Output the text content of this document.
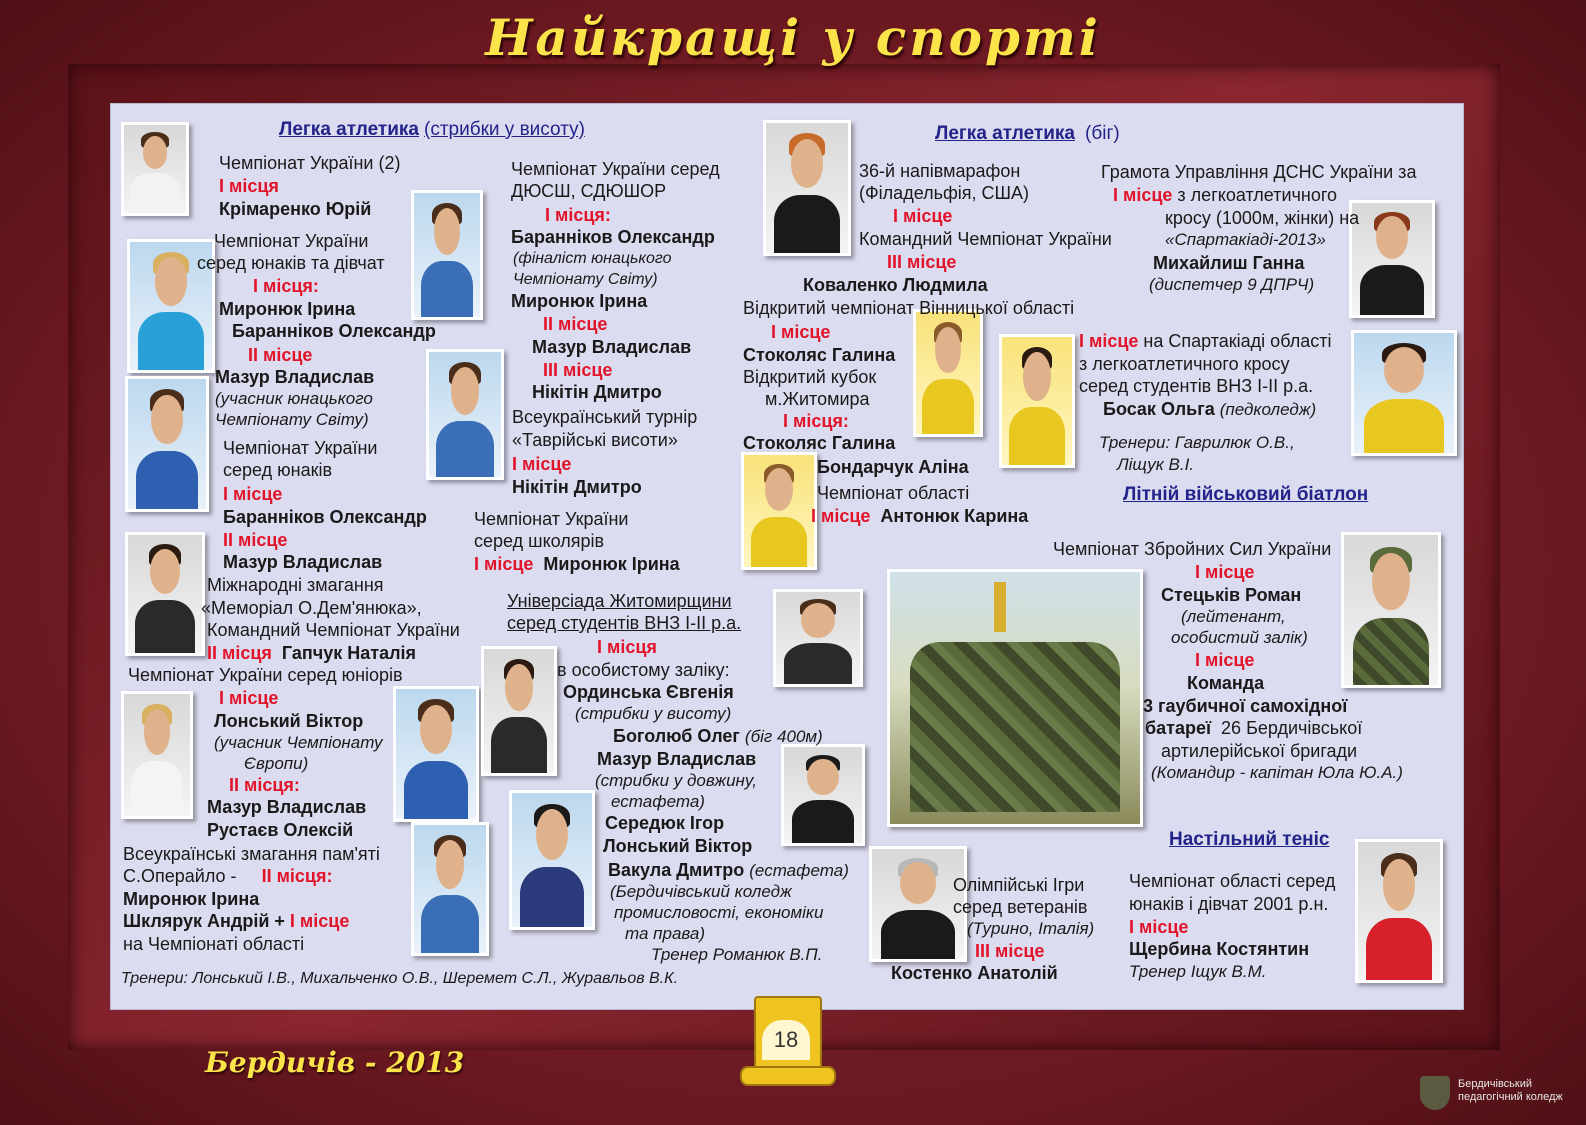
Найкращі у спорті
Легка атлетика (стрибки у висоту)
Чемпіонат України (2)
І місця
Крімаренко Юрій
Чемпіонат України
серед юнаків та дівчат
І місця:
Миронюк Ірина
Баранніков Олександр
ІІ місце
Мазур Владислав
(учасник юнацького
Чемпіонату Світу)
Чемпіонат України
серед юнаків
І місце
Баранніков Олександр
ІІ місце
Мазур Владислав
Міжнародні змагання
«Меморіал О.Дем'янюка»,
Командний Чемпіонат України
ІІ місця Гапчук Наталія
Чемпіонат України серед юніорів
І місце
Лонський Віктор
(учасник Чемпіонату
Європи)
ІІ місця:
Мазур Владислав
Рустаєв Олексій
Всеукраїнські змагання пам'яті
С.Операйло - ІІ місця:
Миронюк Ірина
Шклярук Андрій + І місце
на Чемпіонаті області
Тренери: Лонський І.В., Михальченко О.В., Шеремет С.Л., Журавльов В.К.
Чемпіонат України серед
ДЮСШ, СДЮШОР
І місця:
Баранніков Олександр
(фіналіст юнацького
Чемпіонату Світу)
Миронюк Ірина
ІІ місце
Мазур Владислав
ІІІ місце
Нікітін Дмитро
Всеукраїнський турнір
«Таврійські висоти»
І місце
Нікітін Дмитро
Чемпіонат України
серед школярів
І місце Миронюк Ірина
Універсіада Житомирщини
серед студентів ВНЗ І-ІІ р.а.
І місця
в особистому заліку:
Ординська Євгенія
(стрибки у висоту)
Боголюб Олег (біг 400м)
Мазур Владислав
(стрибки у довжину,
естафета)
Середюк Ігор
Лонський Віктор
Вакула Дмитро (естафета)
(Бердичівський коледж
промисловості, економіки
та права)
Тренер Романюк В.П.
Легка атлетика (біг)
36-й напівмарафон
(Філадельфія, США)
І місце
Командний Чемпіонат України
ІІІ місце
Коваленко Людмила
Відкритий чемпіонат Вінницької області
І місце
Стоколяс Галина
Відкритий кубок
м.Житомира
І місця:
Стоколяс Галина
Бондарчук Аліна
Чемпіонат області
І місце Антонюк Карина
Грамота Управління ДСНС України за
І місце з легкоатлетичного
кросу (1000м, жінки) на
«Спартакіаді-2013»
Михайлиш Ганна
(диспетчер 9 ДПРЧ)
І місце на Спартакіаді області
з легкоатлетичного кросу
серед студентів ВНЗ І-ІІ р.а.
Босак Ольга (педколедж)
Тренери: Гаврилюк О.В.,
Ліщук В.І.
Літній військовий біатлон
Чемпіонат Збройних Сил України
І місце
Стецьків Роман
(лейтенант,
особистий залік)
І місце
Команда
3 гаубичної самохідної
батареї 26 Бердичівської
артилерійської бригади
(Командир - капітан Юла Ю.А.)
Олімпійські Ігри
серед ветеранів
(Турино, Італія)
ІІІ місце
Костенко Анатолій
Настільний теніс
Чемпіонат області серед
юнаків і дівчат 2001 р.н.
І місце
Щербина Костянтин
Тренер Іщук В.М.
Бердичів - 2013
18
Бердичівський педагогічний коледж
